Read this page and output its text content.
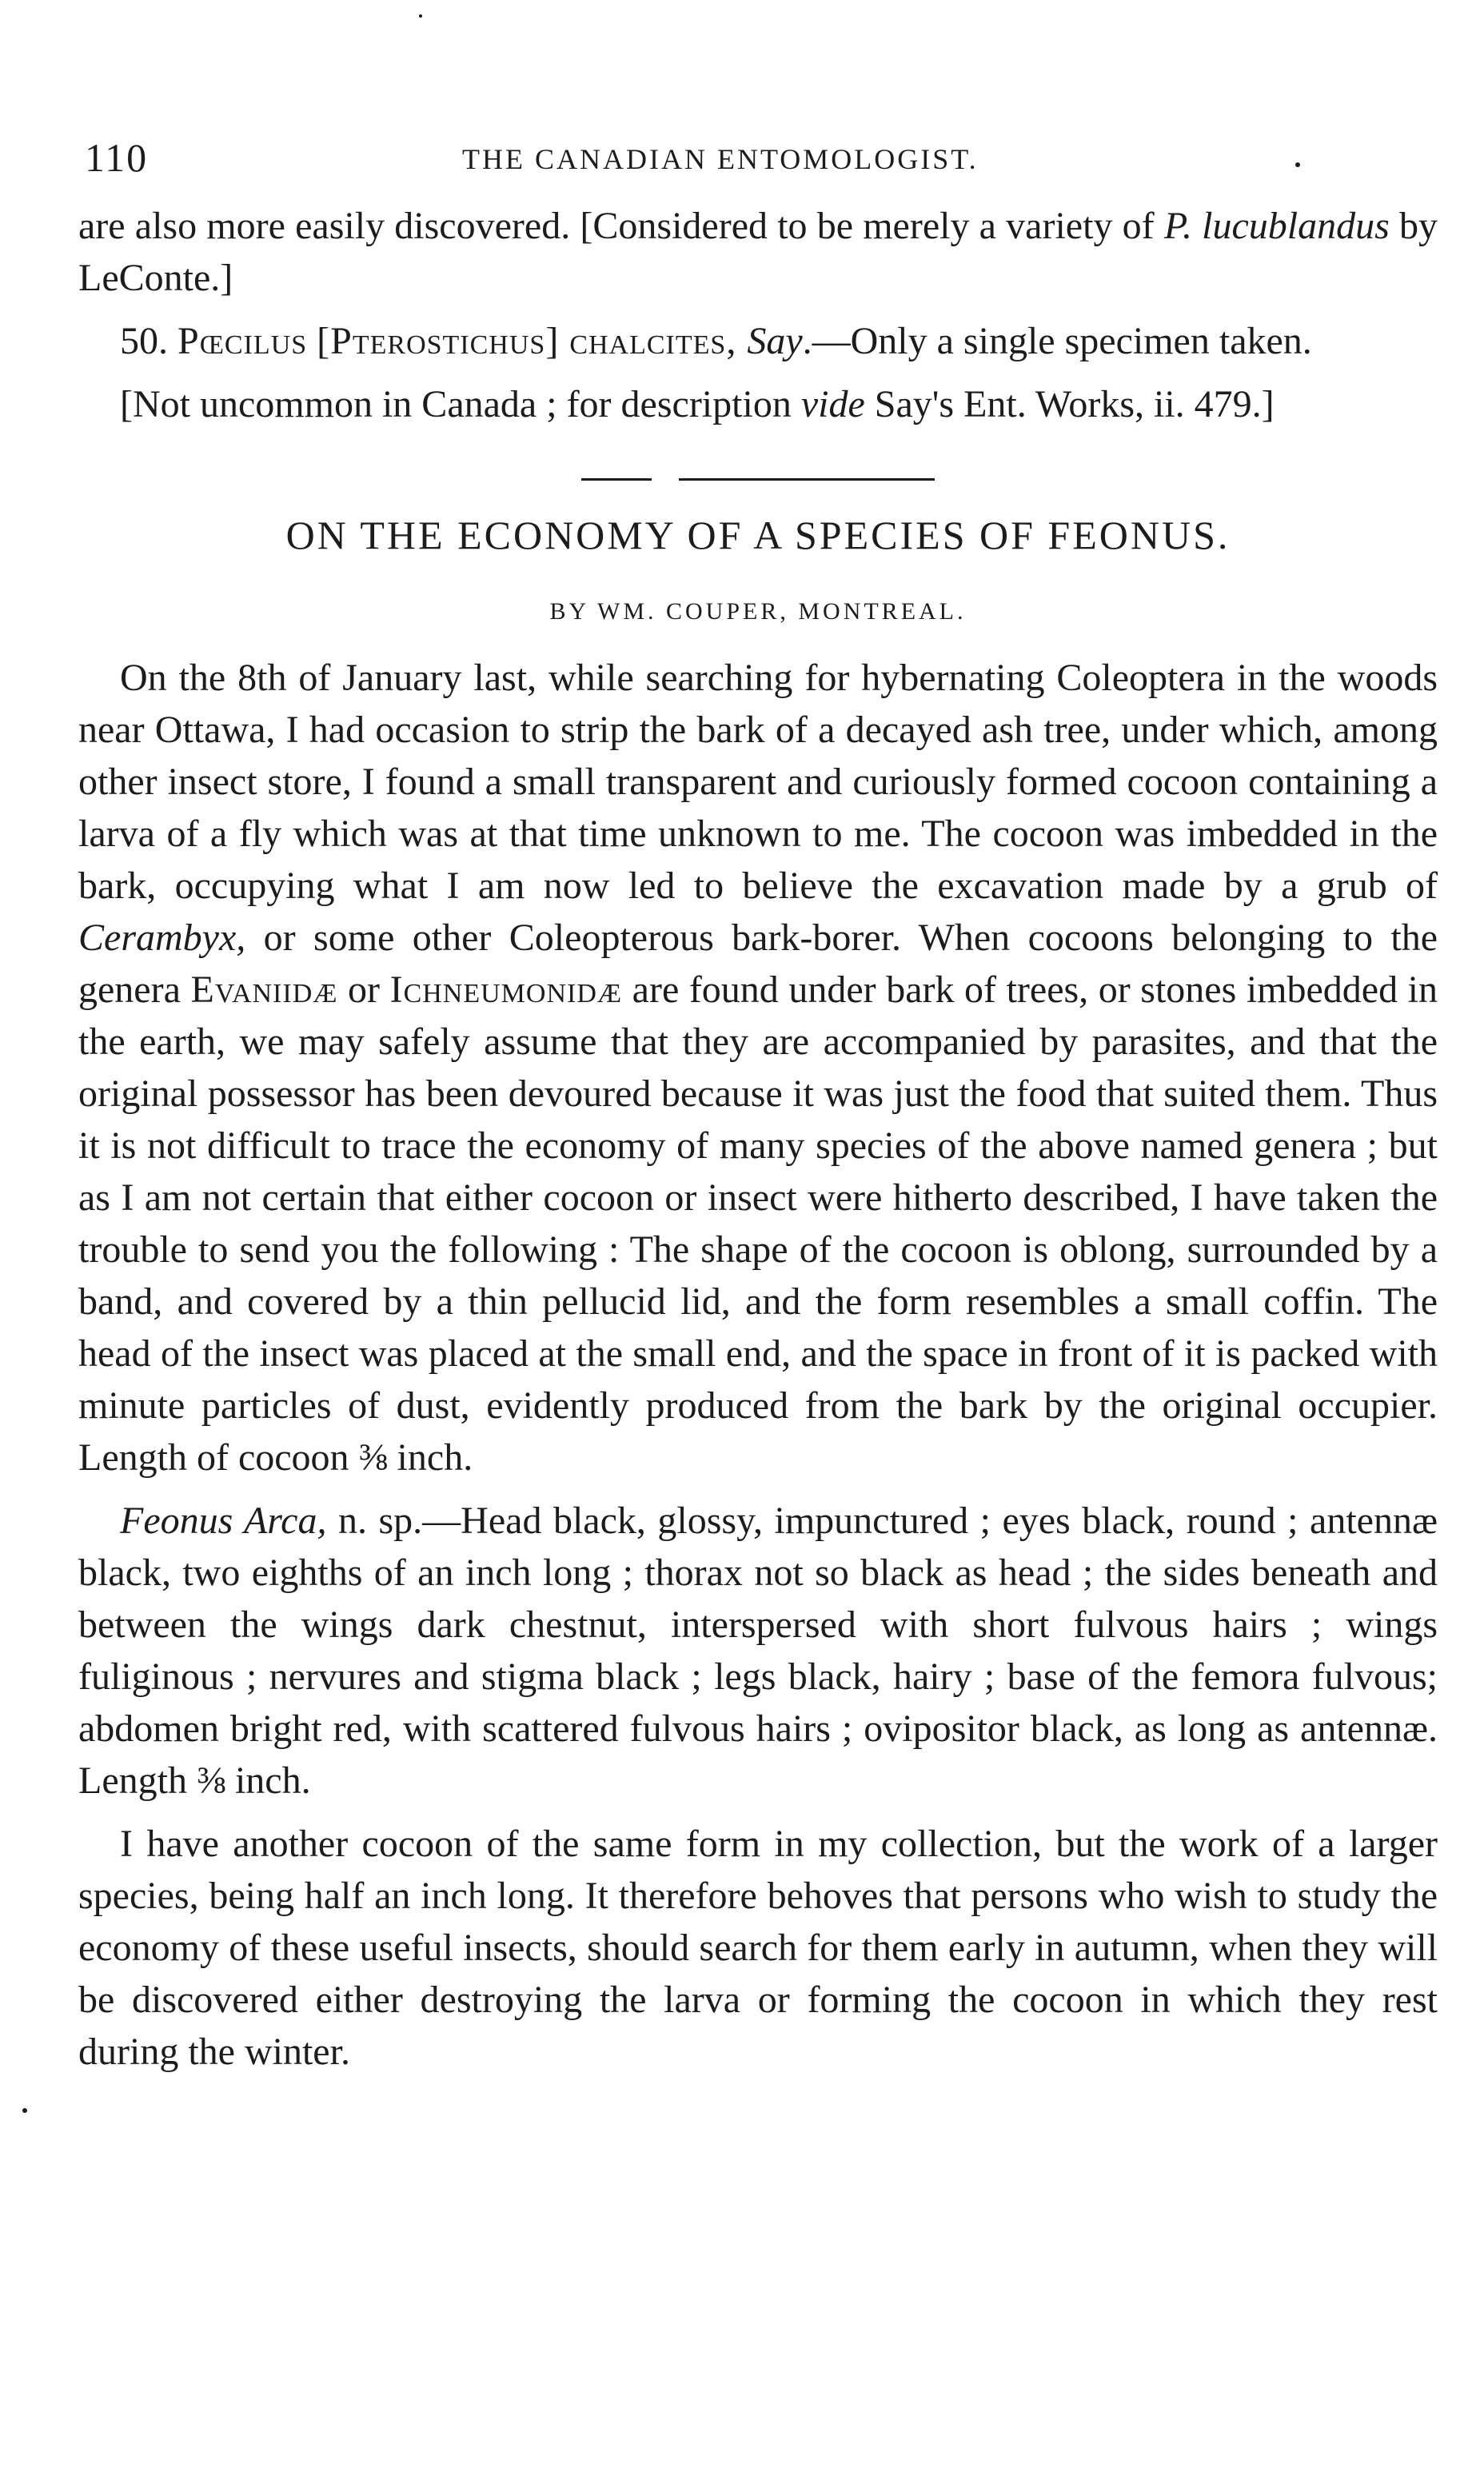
110	THE CANADIAN ENTOMOLOGIST.

are also more easily discovered. [Considered to be merely a variety of P. lucublandus by LeConte.]

50. Pœcilus [Pterostichus] chalcites, Say.—Only a single specimen taken.

[Not uncommon in Canada ; for description vide Say's Ent. Works, ii. 479.]

ON THE ECONOMY OF A SPECIES OF FEONUS.
BY WM. COUPER, MONTREAL.

On the 8th of January last, while searching for hybernating Coleoptera in the woods near Ottawa, I had occasion to strip the bark of a decayed ash tree, under which, among other insect store, I found a small transparent and curiously formed cocoon containing a larva of a fly which was at that time unknown to me. The cocoon was imbedded in the bark, occupying what I am now led to believe the excavation made by a grub of Cerambyx, or some other Coleopterous bark-borer. When cocoons belonging to the genera Evaniidæ or Ichneumonidæ are found under bark of trees, or stones imbedded in the earth, we may safely assume that they are accompanied by parasites, and that the original possessor has been devoured because it was just the food that suited them. Thus it is not difficult to trace the economy of many species of the above named genera ; but as I am not certain that either cocoon or insect were hitherto described, I have taken the trouble to send you the following : The shape of the cocoon is oblong, surrounded by a band, and covered by a thin pellucid lid, and the form resembles a small coffin. The head of the insect was placed at the small end, and the space in front of it is packed with minute particles of dust, evidently produced from the bark by the original occupier. Length of cocoon ⅜ inch.

Feonus Arca, n. sp.—Head black, glossy, impunctured ; eyes black, round ; antennæ black, two eighths of an inch long ; thorax not so black as head ; the sides beneath and between the wings dark chestnut, interspersed with short fulvous hairs ; wings fuliginous ; nervures and stigma black ; legs black, hairy ; base of the femora fulvous; abdomen bright red, with scattered fulvous hairs ; ovipositor black, as long as antennæ. Length ⅜ inch.

I have another cocoon of the same form in my collection, but the work of a larger species, being half an inch long. It therefore behoves that persons who wish to study the economy of these useful insects, should search for them early in autumn, when they will be discovered either destroying the larva or forming the cocoon in which they rest during the winter.
